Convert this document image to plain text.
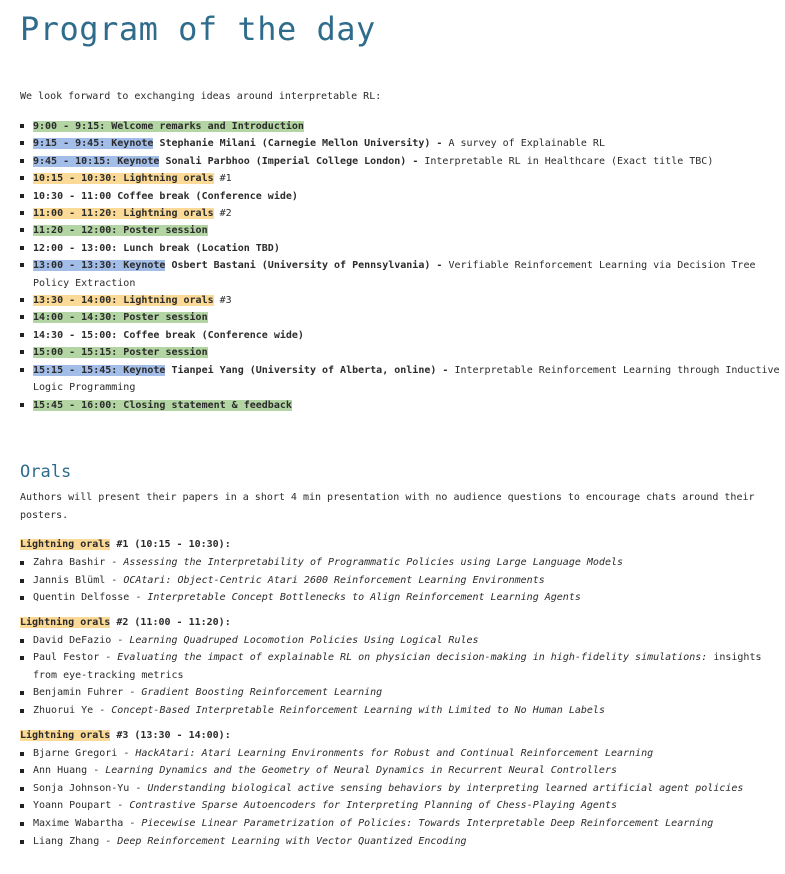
Program of the day

We look forward to exchanging ideas around interpretable RL:

9:00 - 9:15: Welcome remarks and Introduction
9:15 - 9:45: Keynote Stephanie Milani (Carnegie Mellon University) - A survey of Explainable RL
9:45 - 10:15: Keynote Sonali Parbhoo (Imperial College London) - Interpretable RL in Healthcare (Exact title TBC)
10:15 - 10:30: Lightning orals #1
10:30 - 11:00 Coffee break (Conference wide)
11:00 - 11:20: Lightning orals #2
11:20 - 12:00: Poster session
12:00 - 13:00: Lunch break (Location TBD)
13:00 - 13:30: Keynote Osbert Bastani (University of Pennsylvania) - Verifiable Reinforcement Learning via Decision Tree Policy Extraction
13:30 - 14:00: Lightning orals #3
14:00 - 14:30: Poster session
14:30 - 15:00: Coffee break (Conference wide)
15:00 - 15:15: Poster session
15:15 - 15:45: Keynote Tianpei Yang (University of Alberta, online) - Interpretable Reinforcement Learning through Inductive Logic Programming
15:45 - 16:00: Closing statement & feedback
Orals

Authors will present their papers in a short 4 min presentation with no audience questions to encourage chats around their posters.

Lightning orals #1 (10:15 - 10:30):

Zahra Bashir - Assessing the Interpretability of Programmatic Policies using Large Language Models
Jannis Blüml - OCAtari: Object-Centric Atari 2600 Reinforcement Learning Environments
Quentin Delfosse - Interpretable Concept Bottlenecks to Align Reinforcement Learning Agents

Lightning orals #2 (11:00 - 11:20):

David DeFazio - Learning Quadruped Locomotion Policies Using Logical Rules
Paul Festor - Evaluating the impact of explainable RL on physician decision-making in high-fidelity simulations: insights from eye-tracking metrics
Benjamin Fuhrer - Gradient Boosting Reinforcement Learning
Zhuorui Ye - Concept-Based Interpretable Reinforcement Learning with Limited to No Human Labels

Lightning orals #3 (13:30 - 14:00):

Bjarne Gregori - HackAtari: Atari Learning Environments for Robust and Continual Reinforcement Learning
Ann Huang - Learning Dynamics and the Geometry of Neural Dynamics in Recurrent Neural Controllers
Sonja Johnson-Yu - Understanding biological active sensing behaviors by interpreting learned artificial agent policies
Yoann Poupart - Contrastive Sparse Autoencoders for Interpreting Planning of Chess-Playing Agents
Maxime Wabartha - Piecewise Linear Parametrization of Policies: Towards Interpretable Deep Reinforcement Learning
Liang Zhang - Deep Reinforcement Learning with Vector Quantized Encoding
